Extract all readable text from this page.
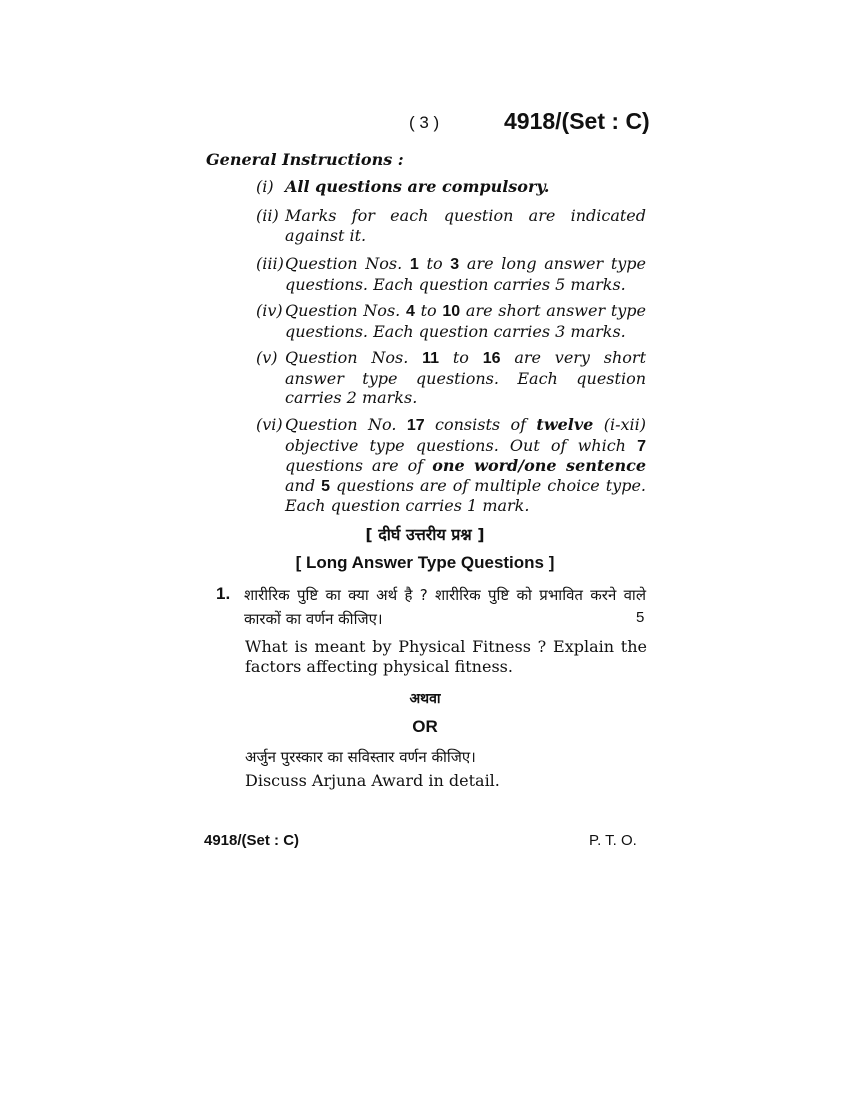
( 3 )	4918/(Set : C)
General Instructions :
(i) All questions are compulsory.
(ii) Marks for each question are indicated against it.
(iii) Question Nos. 1 to 3 are long answer type questions. Each question carries 5 marks.
(iv) Question Nos. 4 to 10 are short answer type questions. Each question carries 3 marks.
(v) Question Nos. 11 to 16 are very short answer type questions. Each question carries 2 marks.
(vi) Question No. 17 consists of twelve (i-xii) objective type questions. Out of which 7 questions are of one word/one sentence and 5 questions are of multiple choice type. Each question carries 1 mark.
[ दीर्घ उत्तरीय प्रश्न ]
[ Long Answer Type Questions ]
1. शारीरिक पुष्टि का क्या अर्थ है ? शारीरिक पुष्टि को प्रभावित करने वाले कारकों का वर्णन कीजिए।	5
What is meant by Physical Fitness ? Explain the factors affecting physical fitness.
अथवा
OR
अर्जुन पुरस्कार का सविस्तार वर्णन कीजिए।
Discuss Arjuna Award in detail.
4918/(Set : C)	P. T. O.
